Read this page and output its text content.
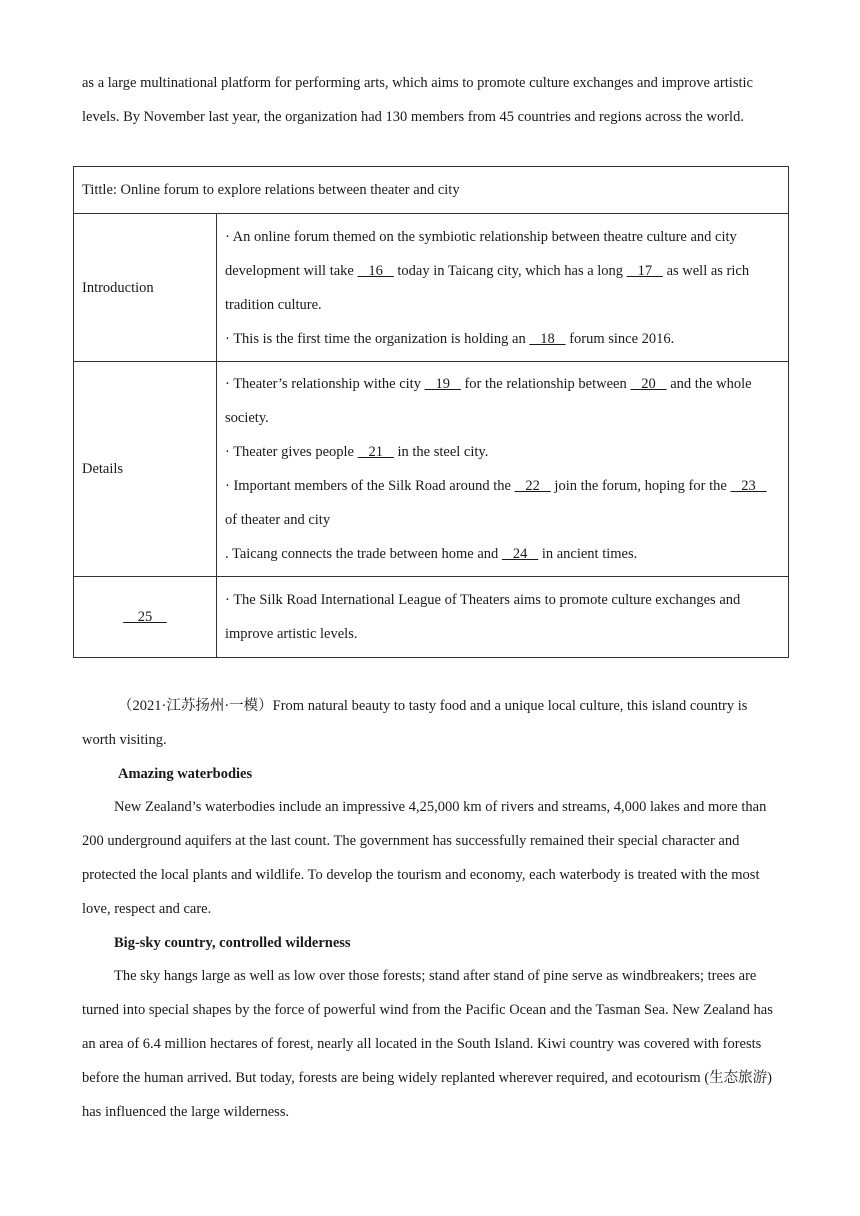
as a large multinational platform for performing arts, which aims to promote culture exchanges and improve artistic levels. By November last year, the organization had 130 members from 45 countries and regions across the world.

Tittle: Online forum to explore relations between theater and city	
Introduction	· An online forum themed on the symbiotic relationship between theatre culture and city development will take    16    today in Taicang city, which has a long    17    as well as rich tradition culture.
· This is the first time the organization is holding an    18    forum since 2016.

Details	· Theater’s relationship withe city    19    for the relationship between    20    and the whole society.
· Theater gives people    21    in the steel city.
· Important members of the Silk Road around the    22    join the forum, hoping for the    23    of theater and city
. Taicang connects the trade between home and    24    in ancient times.

25	· The Silk Road International League of Theaters aims to promote culture exchanges and improve artistic levels.

（2021·江苏扬州·一模）From natural beauty to tasty food and a unique local culture, this island country is worth visiting.

Amazing waterbodies

New Zealand’s waterbodies include an impressive 4,25,000 km of rivers and streams, 4,000 lakes and more than 200 underground aquifers at the last count. The government has successfully remained their special character and protected the local plants and wildlife. To develop the tourism and economy, each waterbody is treated with the most love, respect and care.

Big-sky country, controlled wilderness

The sky hangs large as well as low over those forests; stand after stand of pine serve as windbreakers; trees are turned into special shapes by the force of powerful wind from the Pacific Ocean and the Tasman Sea. New Zealand has an area of 6.4 million hectares of forest, nearly all located in the South Island. Kiwi country was covered with forests before the human arrived. But today, forests are being widely replanted wherever required, and ecotourism (生态旅游) has influenced the large wilderness.
